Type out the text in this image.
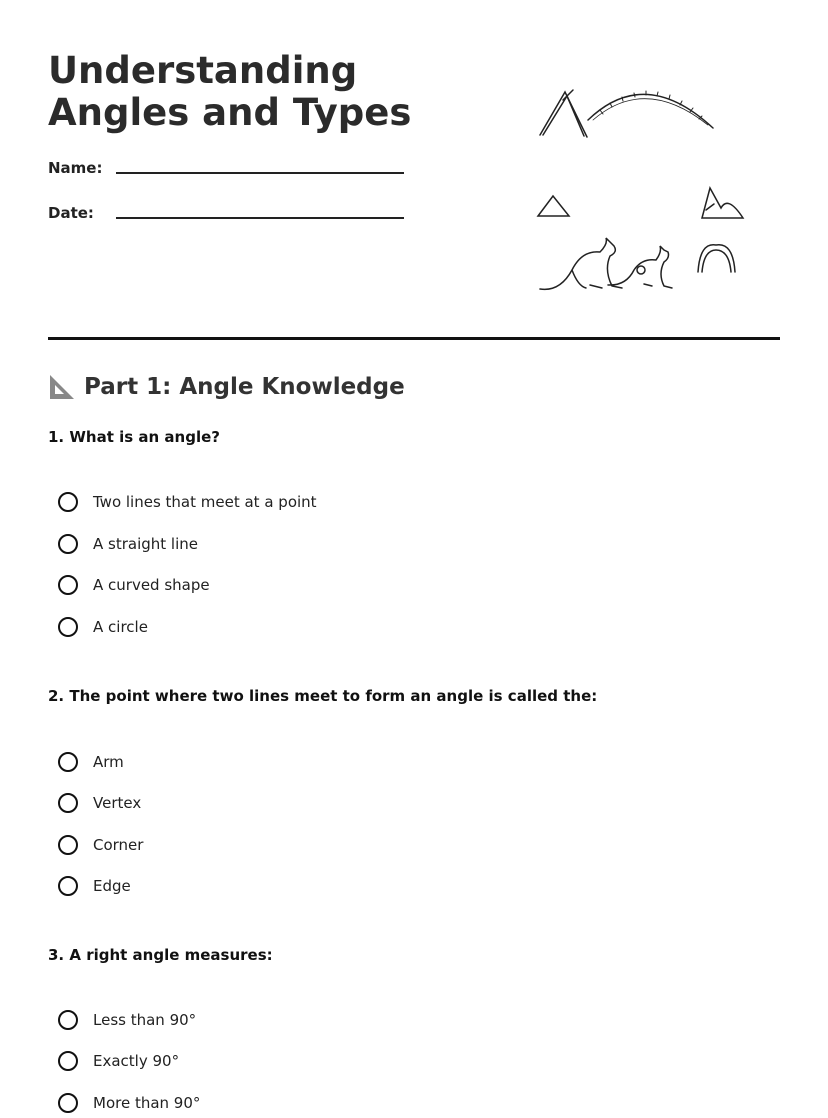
Understanding Angles and Types
Name:
Date:
Part 1: Angle Knowledge
1. What is an angle?
Two lines that meet at a point
A straight line
A curved shape
A circle
2. The point where two lines meet to form an angle is called the:
Arm
Vertex
Corner
Edge
3. A right angle measures:
Less than 90°
Exactly 90°
More than 90°
